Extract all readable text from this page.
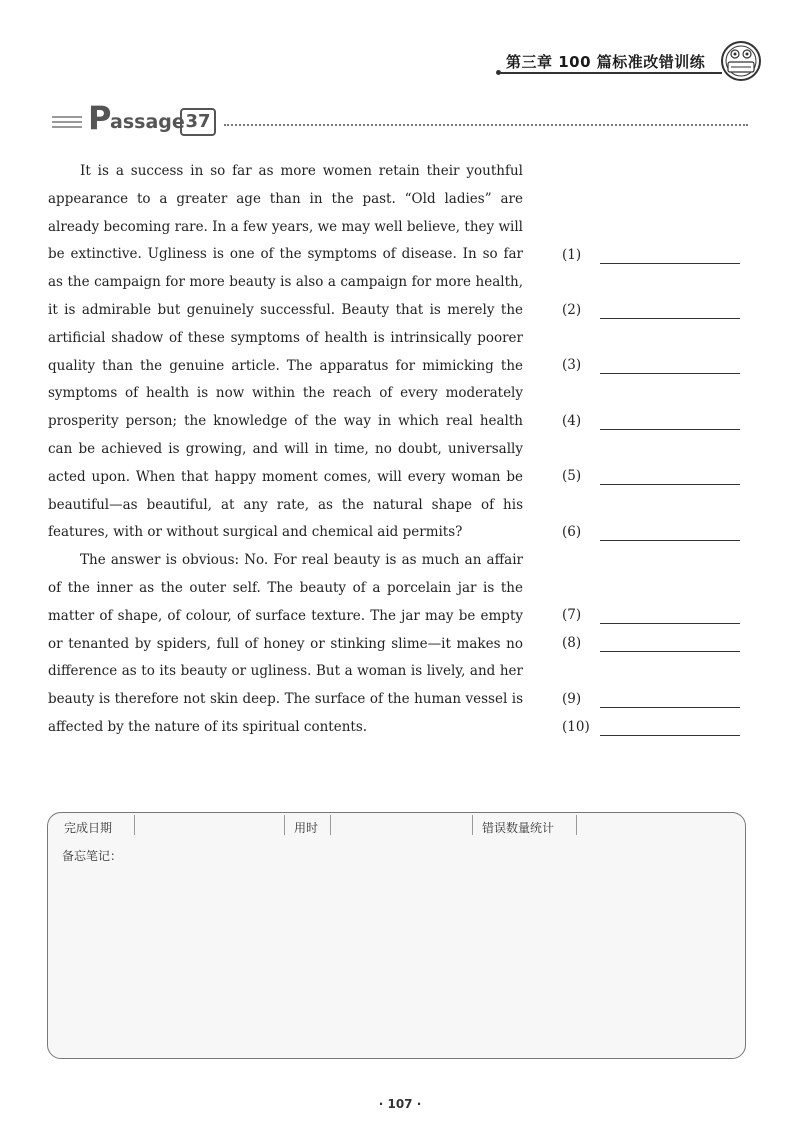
第三章 100 篇标准改错训练
P
assage 37

It is a success in so far as more women retain their youthful appearance to a greater age than in the past. “Old ladies” are already becoming rare. In a few years, we may well believe, they will be extinctive. Ugliness is one of the symptoms of disease. In so far as the campaign for more beauty is also a campaign for more health, it is admirable but genuinely successful. Beauty that is merely the artificial shadow of these symptoms of health is intrinsically poorer quality than the genuine article. The apparatus for mimicking the symptoms of health is now within the reach of every moderately prosperity person; the knowledge of the way in which real health can be achieved is growing, and will in time, no doubt, universally acted upon. When that happy moment comes, will every woman be beautiful—as beautiful, at any rate, as the natural shape of his features, with or without surgical and chemical aid permits?

The answer is obvious: No. For real beauty is as much an affair of the inner as the outer self. The beauty of a porcelain jar is the matter of shape, of colour, of surface texture. The jar may be empty or tenanted by spiders, full of honey or stinking slime—it makes no difference as to its beauty or ugliness. But a woman is lively, and her beauty is therefore not skin deep. The surface of the human vessel is affected by the nature of its spiritual contents.

(1)
(2)
(3)
(4)
(5)
(6)
(7)
(8)
(9)
(10)
完成日期	用时	错误数量统计
备忘笔记：
· 107 ·
